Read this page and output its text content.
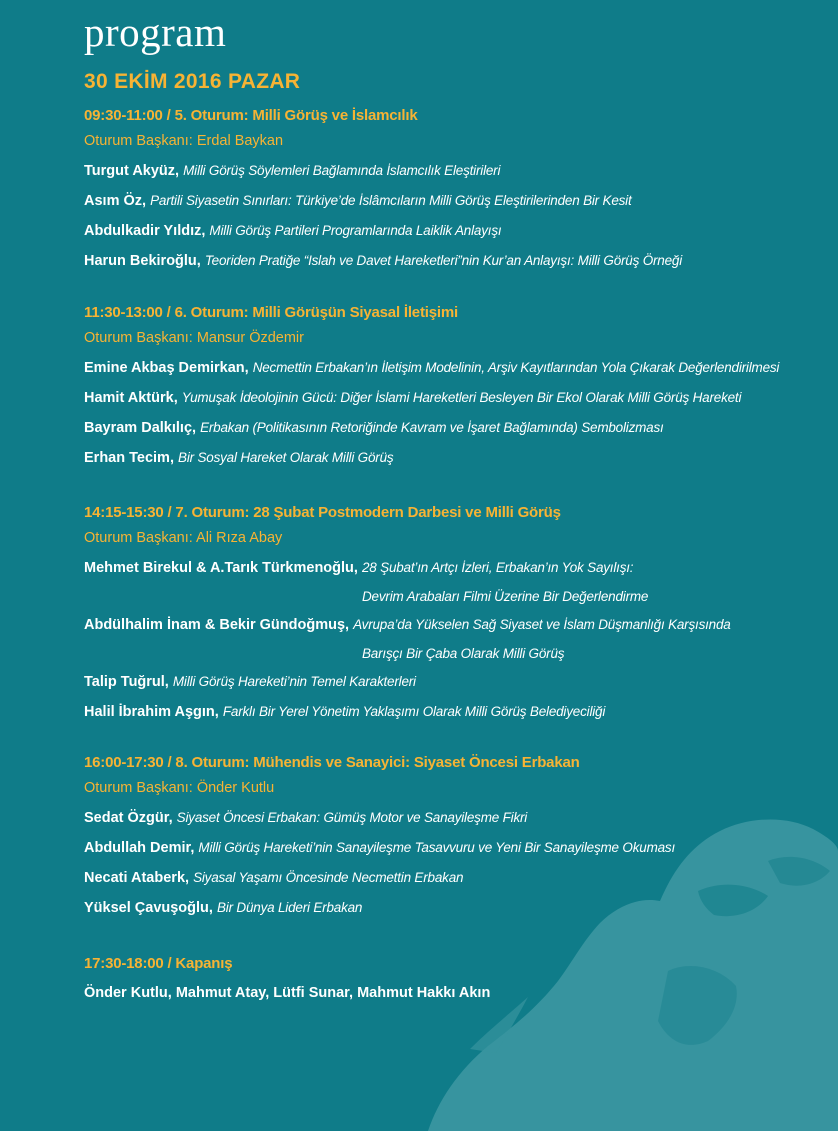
program
30 EKİM 2016 PAZAR
09:30-11:00 / 5. Oturum: Milli Görüş ve İslamcılık
Oturum Başkanı: Erdal Baykan
Turgut Akyüz, Milli Görüş Söylemleri Bağlamında İslamcılık Eleştirileri
Asım Öz, Partili Siyasetin Sınırları: Türkiye’de İslâmcıların Milli Görüş Eleştirilerinden Bir Kesit
Abdulkadir Yıldız, Milli Görüş Partileri Programlarında Laiklik Anlayışı
Harun Bekiroğlu, Teoriden Pratiğe “Islah ve Davet Hareketleri”nin Kur’an Anlayışı: Milli Görüş Örneği
11:30-13:00 / 6. Oturum: Milli Görüşün Siyasal İletişimi
Oturum Başkanı: Mansur Özdemir
Emine Akbaş Demirkan, Necmettin Erbakan’ın İletişim Modelinin, Arşiv Kayıtlarından Yola Çıkarak Değerlendirilmesi
Hamit Aktürk, Yumuşak İdeolojinin Gücü: Diğer İslami Hareketleri Besleyen Bir Ekol Olarak Milli Görüş Hareketi
Bayram Dalkılıç, Erbakan (Politikasının Retoriğinde Kavram ve İşaret Bağlamında) Sembolizması
Erhan Tecim, Bir Sosyal Hareket Olarak Milli Görüş
14:15-15:30 / 7. Oturum: 28 Şubat Postmodern Darbesi ve Milli Görüş
Oturum Başkanı: Ali Rıza Abay
Mehmet Birekul & A.Tarık Türkmenoğlu, 28 Şubat’ın Artçı İzleri, Erbakan’ın Yok Sayılışı:
Devrim Arabaları Filmi Üzerine Bir Değerlendirme
Abdülhalim İnam & Bekir Gündoğmuş, Avrupa’da Yükselen Sağ Siyaset ve İslam Düşmanlığı Karşısında
Barışçı Bir Çaba Olarak Milli Görüş
Talip Tuğrul, Milli Görüş Hareketi’nin Temel Karakterleri
Halil İbrahim Aşgın, Farklı Bir Yerel Yönetim Yaklaşımı Olarak Milli Görüş Belediyeciliği
16:00-17:30 / 8. Oturum: Mühendis ve Sanayici: Siyaset Öncesi Erbakan
Oturum Başkanı: Önder Kutlu
Sedat Özgür, Siyaset Öncesi Erbakan: Gümüş Motor ve Sanayileşme Fikri
Abdullah Demir, Milli Görüş Hareketi’nin Sanayileşme Tasavvuru ve Yeni Bir Sanayileşme Okuması
Necati Ataberk, Siyasal Yaşamı Öncesinde Necmettin Erbakan
Yüksel Çavuşoğlu, Bir Dünya Lideri Erbakan
17:30-18:00 / Kapanış
Önder Kutlu, Mahmut Atay, Lütfi Sunar, Mahmut Hakkı Akın
